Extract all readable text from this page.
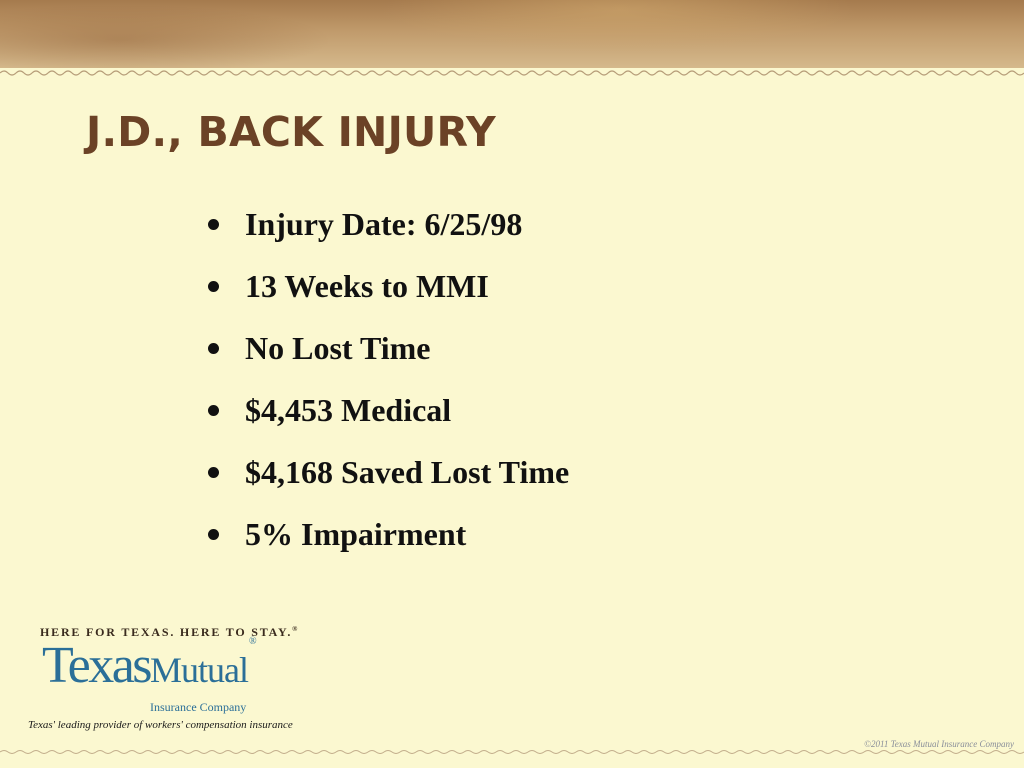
J.D., BACK INJURY
Injury Date: 6/25/98
13 Weeks to MMI
No Lost Time
$4,453 Medical
$4,168 Saved Lost Time
5% Impairment
HERE FOR TEXAS. HERE TO STAY.®
TexasMutual®
Insurance Company
Texas' leading provider of workers' compensation insurance
©2011 Texas Mutual Insurance Company
